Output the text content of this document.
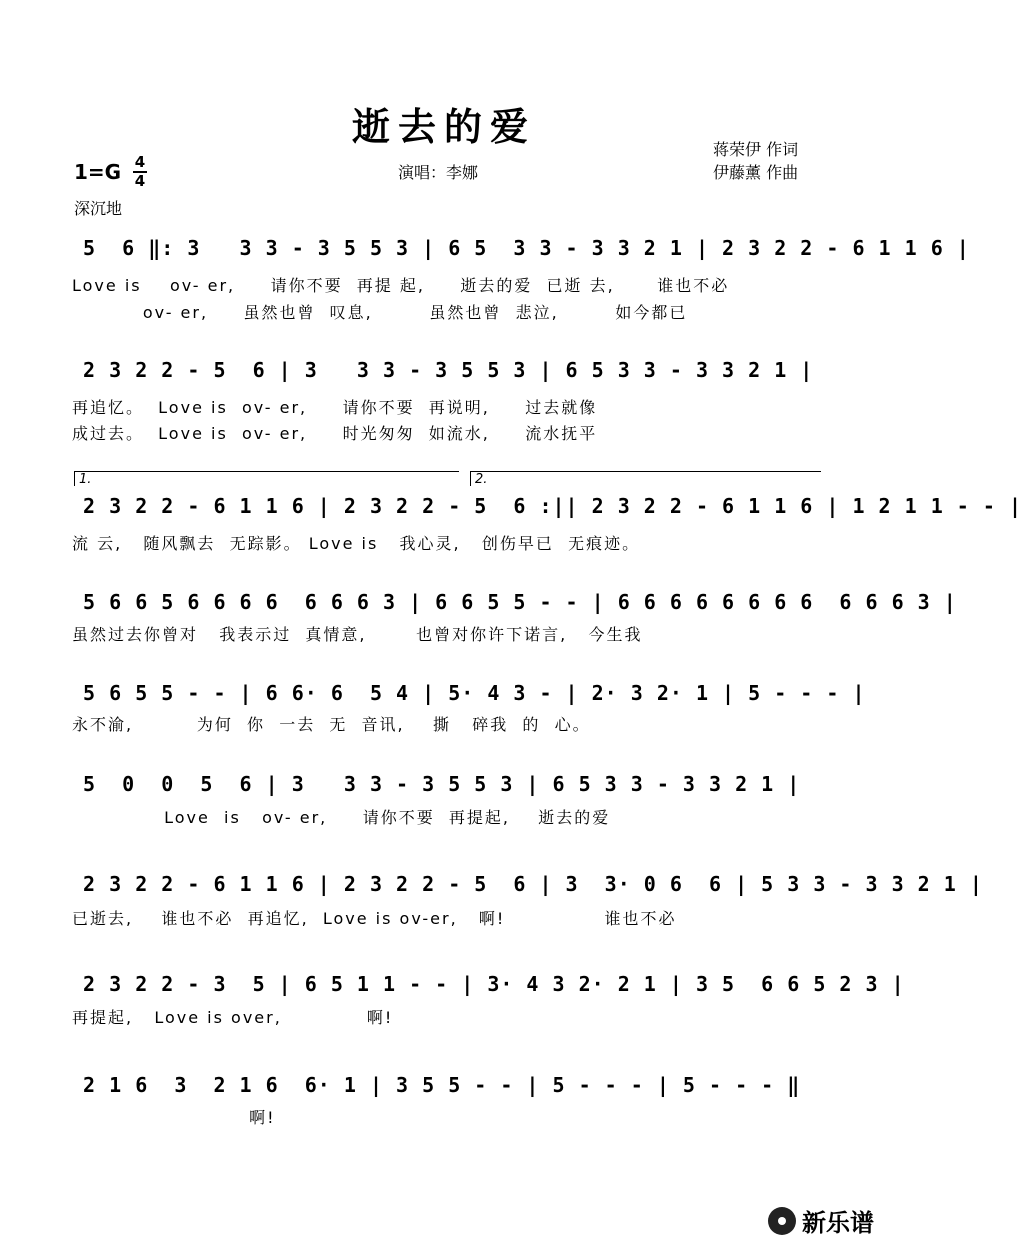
逝去的爱
1=G 4
4	演唱：李娜
蒋荣伊 作词
伊藤薰 作曲
深沉地
5  6 ‖: 3   3 3 - 3 5 5 3 | 6 5  3 3 - 3 3 2 1 | 2 3 2 2 - 6 1 1 6 |
Love is    ov- er,     请你不要  再提 起,     逝去的爱  已逝 去,      谁也不必
ov- er,     虽然也曾  叹息,        虽然也曾  悲泣,        如今都已
2 3 2 2 - 5  6 | 3   3 3 - 3 5 5 3 | 6 5 3 3 - 3 3 2 1 |
再追忆。  Love is  ov- er,     请你不要  再说明,     过去就像
成过去。  Love is  ov- er,     时光匆匆  如流水,     流水抚平
1.	2.
2 3 2 2 - 6 1 1 6 | 2 3 2 2 - 5  6 :|| 2 3 2 2 - 6 1 1 6 | 1 2 1 1 - - |
流 云,   随风飘去  无踪影。 Love is   我心灵,   创伤早已  无痕迹。
5 6 6 5 6 6 6 6  6 6 6 3 | 6 6 5 5 - - | 6 6 6 6 6 6 6 6  6 6 6 3 |
虽然过去你曾对   我表示过  真情意,       也曾对你许下诺言,   今生我
5 6 5 5 - - | 6 6· 6  5 4 | 5· 4 3 - | 2· 3 2· 1 | 5 - - - |
永不渝,         为何  你  一去  无  音讯,    撕   碎我  的  心。
5  0  0  5  6 | 3   3 3 - 3 5 5 3 | 6 5 3 3 - 3 3 2 1 |
Love  is   ov- er,     请你不要  再提起,    逝去的爱
2 3 2 2 - 6 1 1 6 | 2 3 2 2 - 5  6 | 3  3· 0 6  6 | 5 3 3 - 3 3 2 1 |
已逝去,    谁也不必  再追忆,  Love is ov-er,   啊!              谁也不必
2 3 2 2 - 3  5 | 6 5 1 1 - - | 3· 4 3 2· 2 1 | 3 5  6 6 5 2 3 |
再提起,   Love is over,            啊!
2 1 6  3  2 1 6  6· 1 | 3 5 5 - - | 5 - - - | 5 - - - ‖
啊!
新乐谱
